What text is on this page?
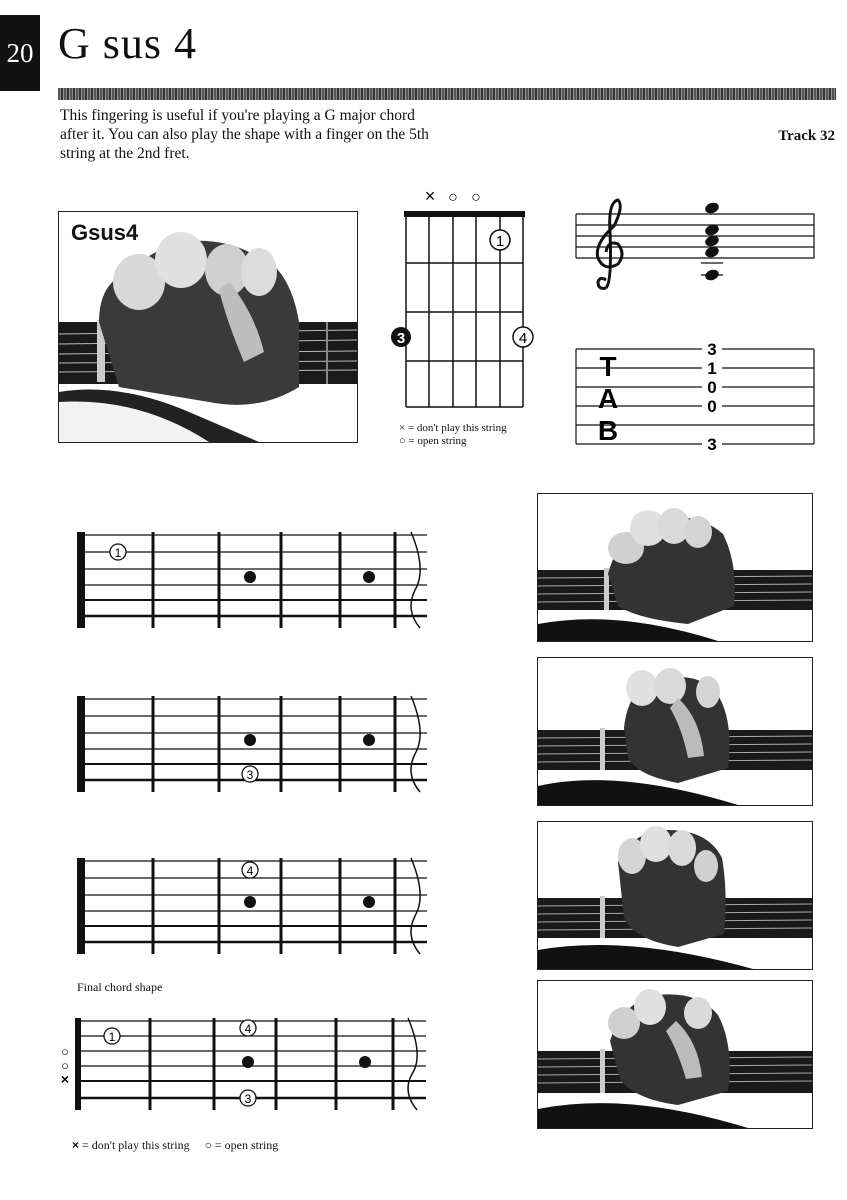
20 G sus 4
This fingering is useful if you're playing a G major chord after it. You can also play the shape with a finger on the 5th string at the 2nd fret.
Track 32
Gsus4
× ○ ○
1
3	4
× = don't play this string
○ = open string
T
A
B
3
1
0
0
3
1
3
4
Final chord shape
○
○
×
1
4
3
× = don't play this string ○ = open string
